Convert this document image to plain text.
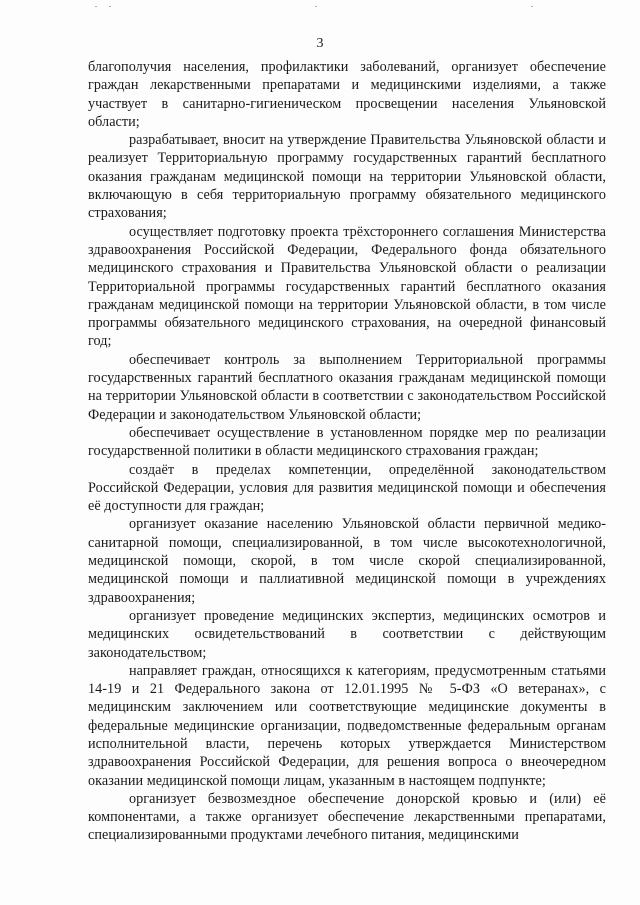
3

благополучия населения, профилактики заболеваний, организует обеспечение граждан лекарственными препаратами и медицинскими изделиями, а также участвует в санитарно-гигиеническом просвещении населения Ульяновской области;

разрабатывает, вносит на утверждение Правительства Ульяновской области и реализует Территориальную программу государственных гарантий бесплатного оказания гражданам медицинской помощи на территории Ульяновской области, включающую в себя территориальную программу обязательного медицинского страхования;

осуществляет подготовку проекта трёхстороннего соглашения Министерства здравоохранения Российской Федерации, Федерального фонда обязательного медицинского страхования и Правительства Ульяновской области о реализации Территориальной программы государственных гарантий бесплатного оказания гражданам медицинской помощи на территории Ульяновской области, в том числе программы обязательного медицинского страхования, на очередной финансовый год;

обеспечивает контроль за выполнением Территориальной программы государственных гарантий бесплатного оказания гражданам медицинской помощи на территории Ульяновской области в соответствии с законодательством Российской Федерации и законодательством Ульяновской области;

обеспечивает осуществление в установленном порядке мер по реализации государственной политики в области медицинского страхования граждан;

создаёт в пределах компетенции, определённой законодательством Российской Федерации, условия для развития медицинской помощи и обеспечения её доступности для граждан;

организует оказание населению Ульяновской области первичной медико-санитарной помощи, специализированной, в том числе высокотехнологичной, медицинской помощи, скорой, в том числе скорой специализированной, медицинской помощи и паллиативной медицинской помощи в учреждениях здравоохранения;

организует проведение медицинских экспертиз, медицинских осмотров и медицинских освидетельствований в соответствии с действующим законодательством;

направляет граждан, относящихся к категориям, предусмотренным статьями 14-19 и 21 Федерального закона от 12.01.1995 № 5-ФЗ «О ветеранах», с медицинским заключением или соответствующие медицинские документы в федеральные медицинские организации, подведомственные федеральным органам исполнительной власти, перечень которых утверждается Министерством здравоохранения Российской Федерации, для решения вопроса о внеочередном оказании медицинской помощи лицам, указанным в настоящем подпункте;

организует безвозмездное обеспечение донорской кровью и (или) её компонентами, а также организует обеспечение лекарственными препаратами, специализированными продуктами лечебного питания, медицинскими
